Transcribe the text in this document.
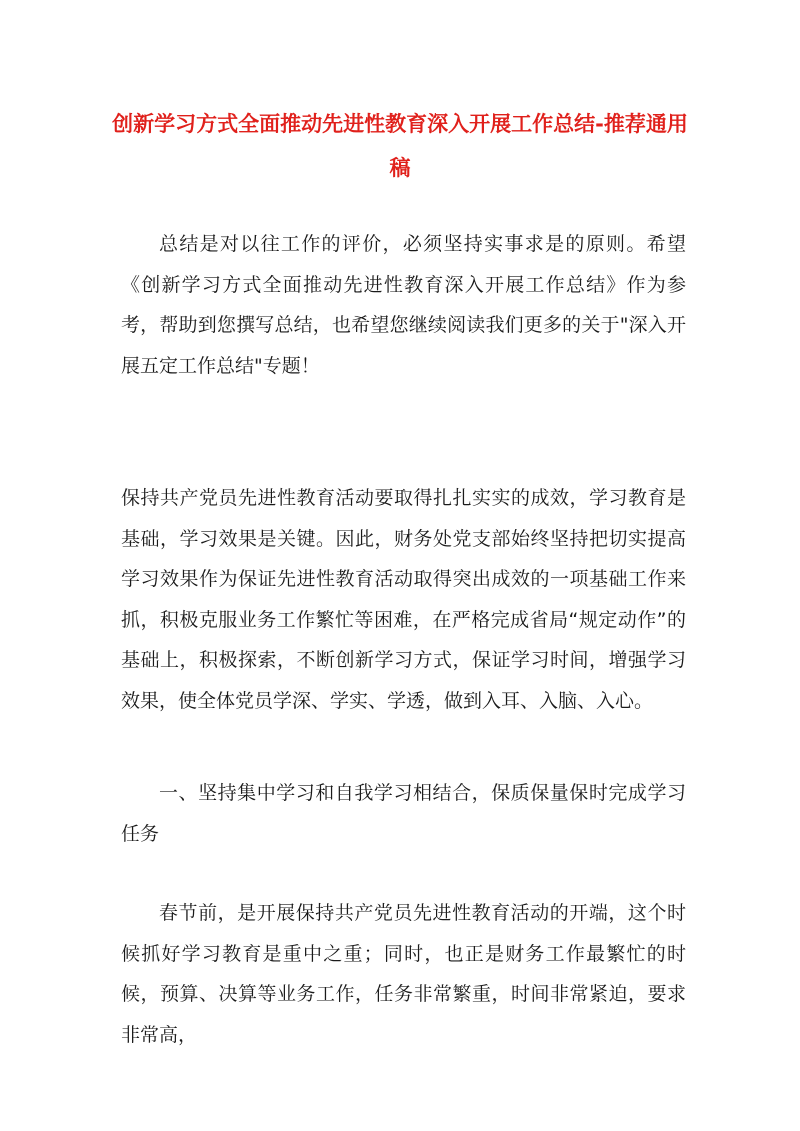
创新学习方式全面推动先进性教育深入开展工作总结-推荐通用稿

总结是对以往工作的评价，必须坚持实事求是的原则。希望《创新学习方式全面推动先进性教育深入开展工作总结》作为参考，帮助到您撰写总结，也希望您继续阅读我们更多的关于"深入开展五定工作总结"专题！

保持共产党员先进性教育活动要取得扎扎实实的成效，学习教育是基础，学习效果是关键。因此，财务处党支部始终坚持把切实提高学习效果作为保证先进性教育活动取得突出成效的一项基础工作来抓，积极克服业务工作繁忙等困难，在严格完成省局“规定动作”的基础上，积极探索，不断创新学习方式，保证学习时间，增强学习效果，使全体党员学深、学实、学透，做到入耳、入脑、入心。

一、坚持集中学习和自我学习相结合，保质保量保时完成学习任务

春节前，是开展保持共产党员先进性教育活动的开端，这个时候抓好学习教育是重中之重；同时，也正是财务工作最繁忙的时候，预算、决算等业务工作，任务非常繁重，时间非常紧迫，要求非常高，
